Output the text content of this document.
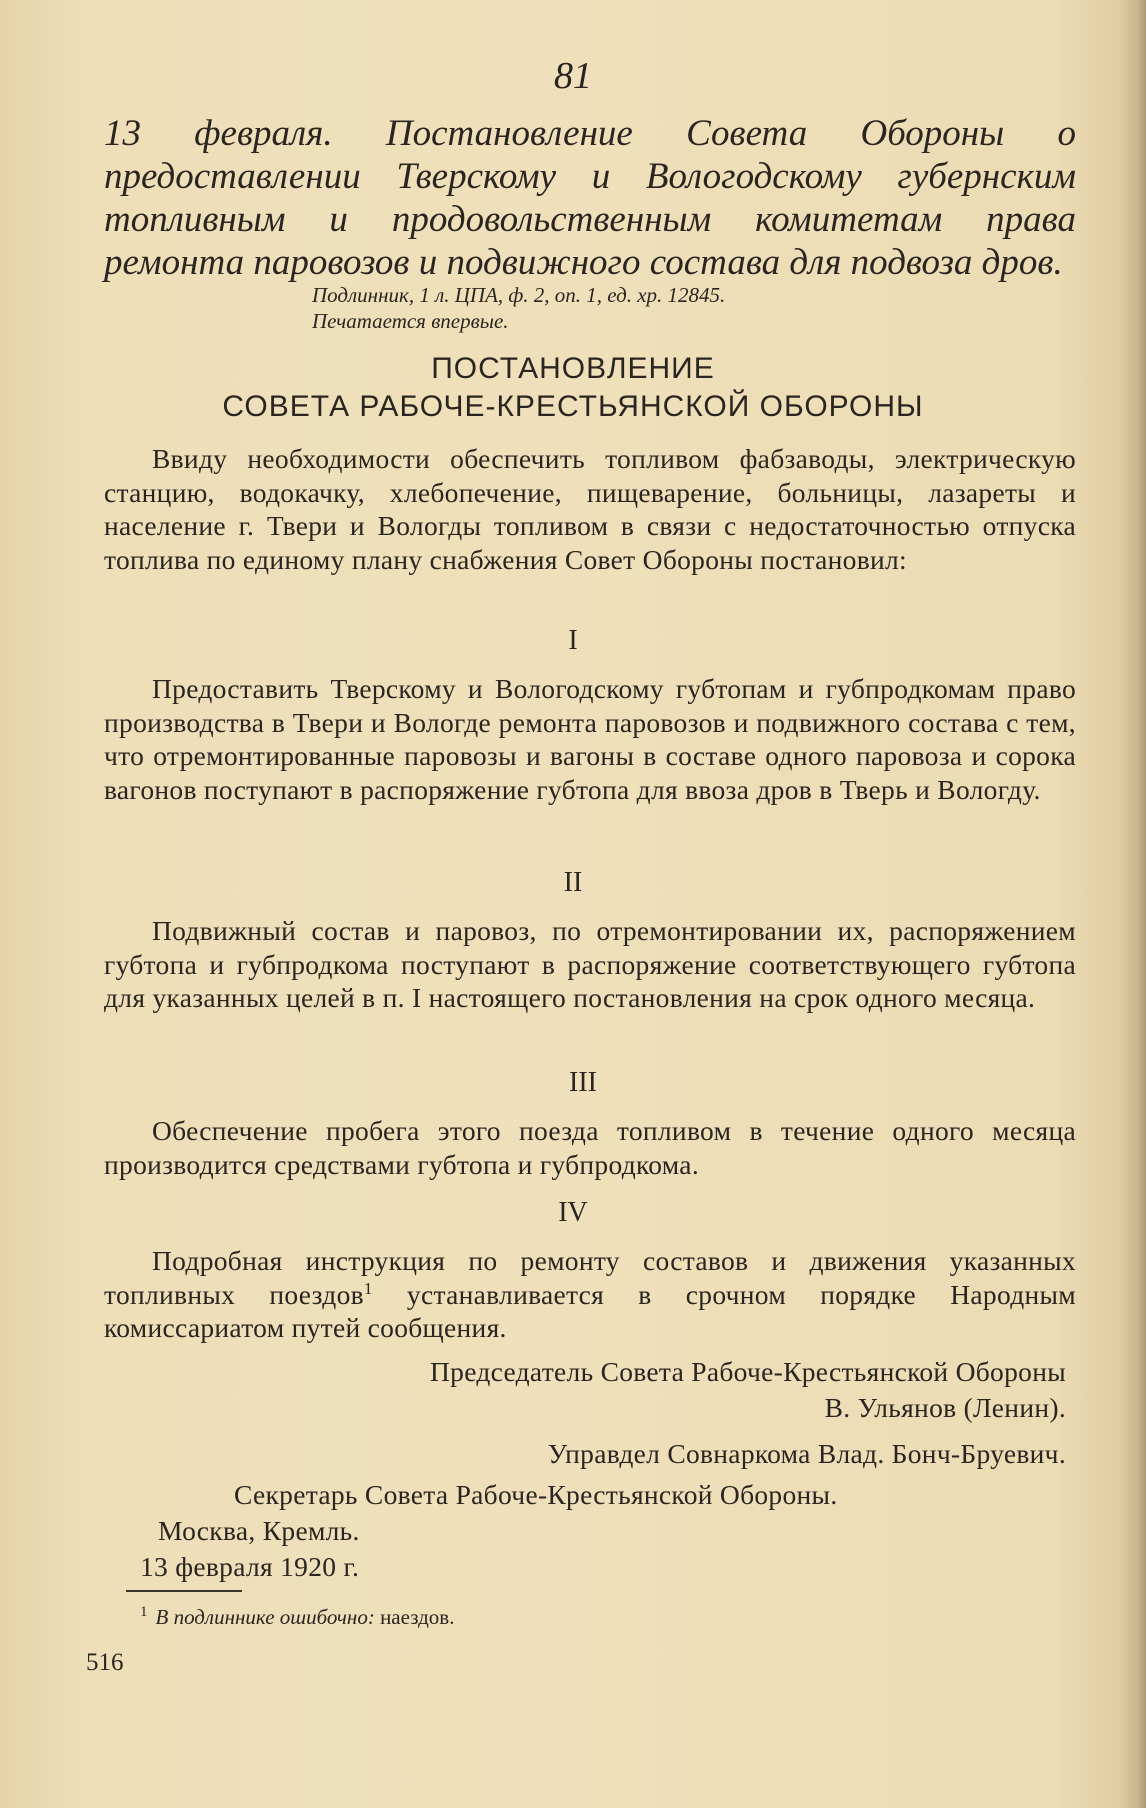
81
13 февраля. Постановление Совета Обороны о предоставлении Тверскому и Вологодскому губернским топливным и продовольственным комитетам права ремонта паровозов и подвижного состава для подвоза дров.
Подлинник, 1 л. ЦПА, ф. 2, оп. 1, ед. хр. 12845.
Печатается впервые.
ПОСТАНОВЛЕНИЕ
СОВЕТА РАБОЧЕ-КРЕСТЬЯНСКОЙ ОБОРОНЫ
Ввиду необходимости обеспечить топливом фабзаводы, электрическую станцию, водокачку, хлебопечение, пищеварение, больницы, лазареты и население г. Твери и Вологды топливом в связи с недостаточностью отпуска топлива по единому плану снабжения Совет Обороны постановил:
I
Предоставить Тверскому и Вологодскому губтопам и губпродкомам право производства в Твери и Вологде ремонта паровозов и подвижного состава с тем, что отремонтированные паровозы и вагоны в составе одного паровоза и сорока вагонов поступают в распоряжение губтопа для ввоза дров в Тверь и Вологду.
II
Подвижный состав и паровоз, по отремонтировании их, распоряжением губтопа и губпродкома поступают в распоряжение соответствующего губтопа для указанных целей в п. I настоящего постановления на срок одного месяца.
III
Обеспечение пробега этого поезда топливом в течение одного месяца производится средствами губтопа и губпродкома.
IV
Подробная инструкция по ремонту составов и движения указанных топливных поездов$^1$ устанавливается в срочном порядке Народным комиссариатом путей сообщения.
Председатель Совета Рабоче-Крестьянской Обороны
В. Ульянов (Ленин).
Управдел Совнаркома Влад. Бонч-Бруевич.
Секретарь Совета Рабоче-Крестьянской Обороны.
Москва, Кремль.
13 февраля 1920 г.
$^1$ В подлиннике ошибочно: наездов.
516
